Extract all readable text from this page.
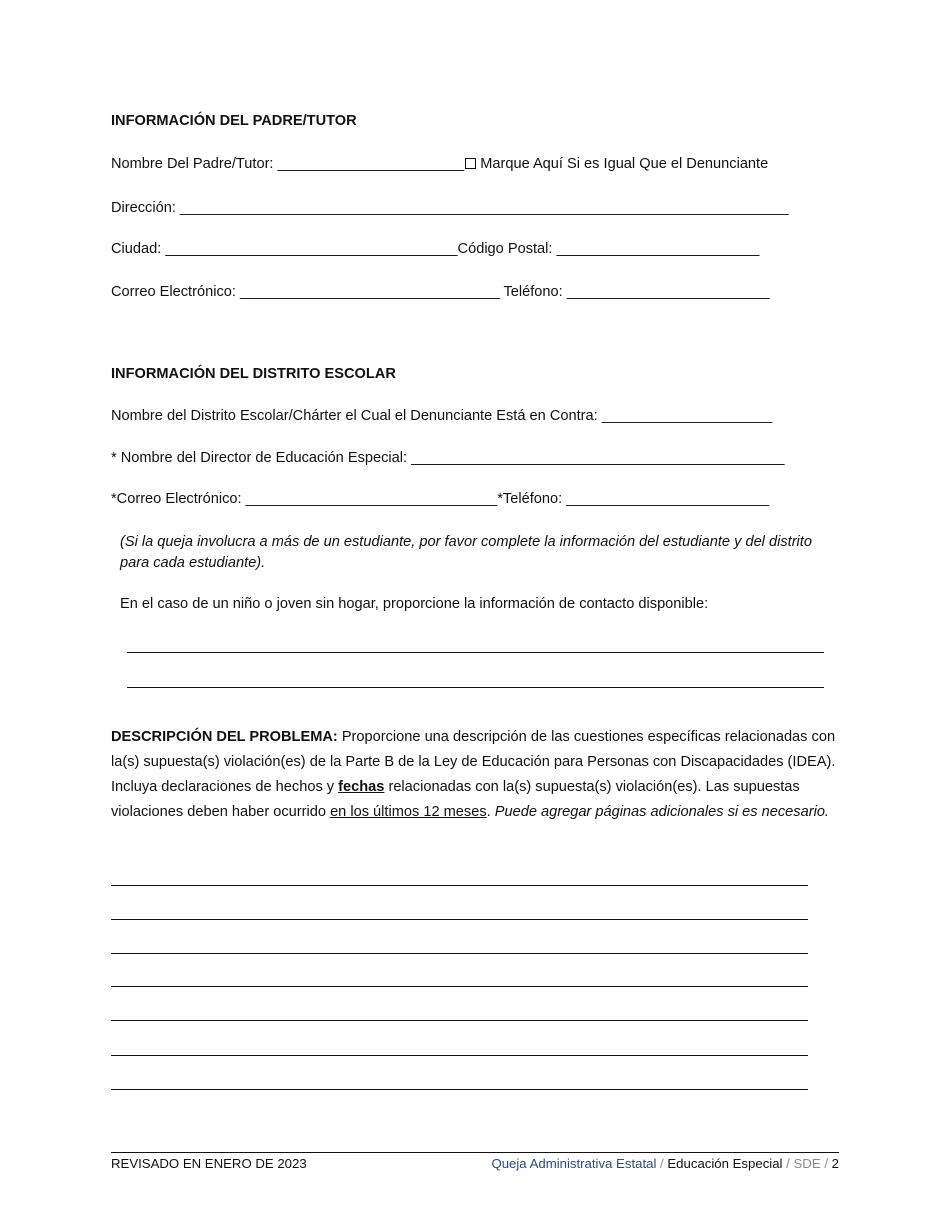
INFORMACIÓN DEL PADRE/TUTOR
Nombre Del Padre/Tutor: _______________________ Marque Aquí Si es Igual Que el Denunciante
Dirección: ___________________________________________________________________________
Ciudad: ____________________________________Código Postal: _________________________
Correo Electrónico: ________________________________ Teléfono: _________________________
INFORMACIÓN DEL DISTRITO ESCOLAR
Nombre del Distrito Escolar/Chárter el Cual el Denunciante Está en Contra: _____________________
* Nombre del Director de Educación Especial: ______________________________________________
*Correo Electrónico: _______________________________*Teléfono: _________________________
(Si la queja involucra a más de un estudiante, por favor complete la información del estudiante y del distrito para cada estudiante).
En el caso de un niño o joven sin hogar, proporcione la información de contacto disponible:
DESCRIPCIÓN DEL PROBLEMA: Proporcione una descripción de las cuestiones específicas relacionadas con la(s) supuesta(s) violación(es) de la Parte B de la Ley de Educación para Personas con Discapacidades (IDEA). Incluya declaraciones de hechos y fechas relacionadas con la(s) supuesta(s) violación(es). Las supuestas violaciones deben haber ocurrido en los últimos 12 meses. Puede agregar páginas adicionales si es necesario.
REVISADO EN ENERO DE 2023	Queja Administrativa Estatal / Educación Especial / SDE / 2
